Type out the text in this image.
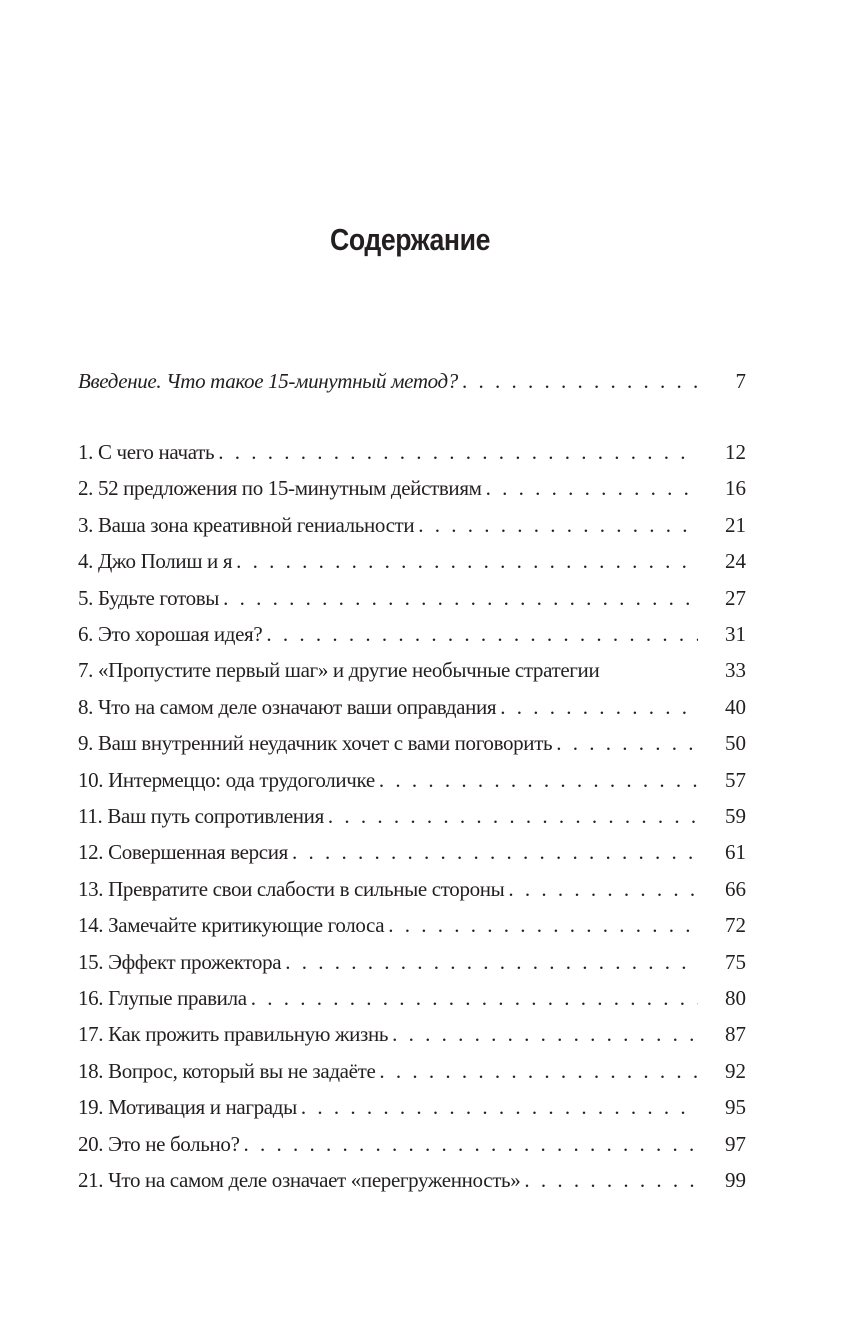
Содержание
Введение. Что такое 15-минутный метод? . . .	7
1. С чего начать . . .	12
2. 52 предложения по 15-минутным действиям . . .	16
3. Ваша зона креативной гениальности . . .	21
4. Джо Полиш и я . . .	24
5. Будьте готовы . . .	27
6. Это хорошая идея? . . .	31
7. «Пропустите первый шаг» и другие необычные стратегии	33
8. Что на самом деле означают ваши оправдания . . .	40
9. Ваш внутренний неудачник хочет с вами поговорить . . .	50
10. Интермеццо: ода трудоголичке . . .	57
11. Ваш путь сопротивления . . .	59
12. Совершенная версия . . .	61
13. Превратите свои слабости в сильные стороны . . .	66
14. Замечайте критикующие голоса . . .	72
15. Эффект прожектора . . .	75
16. Глупые правила . . .	80
17. Как прожить правильную жизнь . . .	87
18. Вопрос, который вы не задаёте . . .	92
19. Мотивация и награды . . .	95
20. Это не больно? . . .	97
21. Что на самом деле означает «перегруженность» . . .	99
